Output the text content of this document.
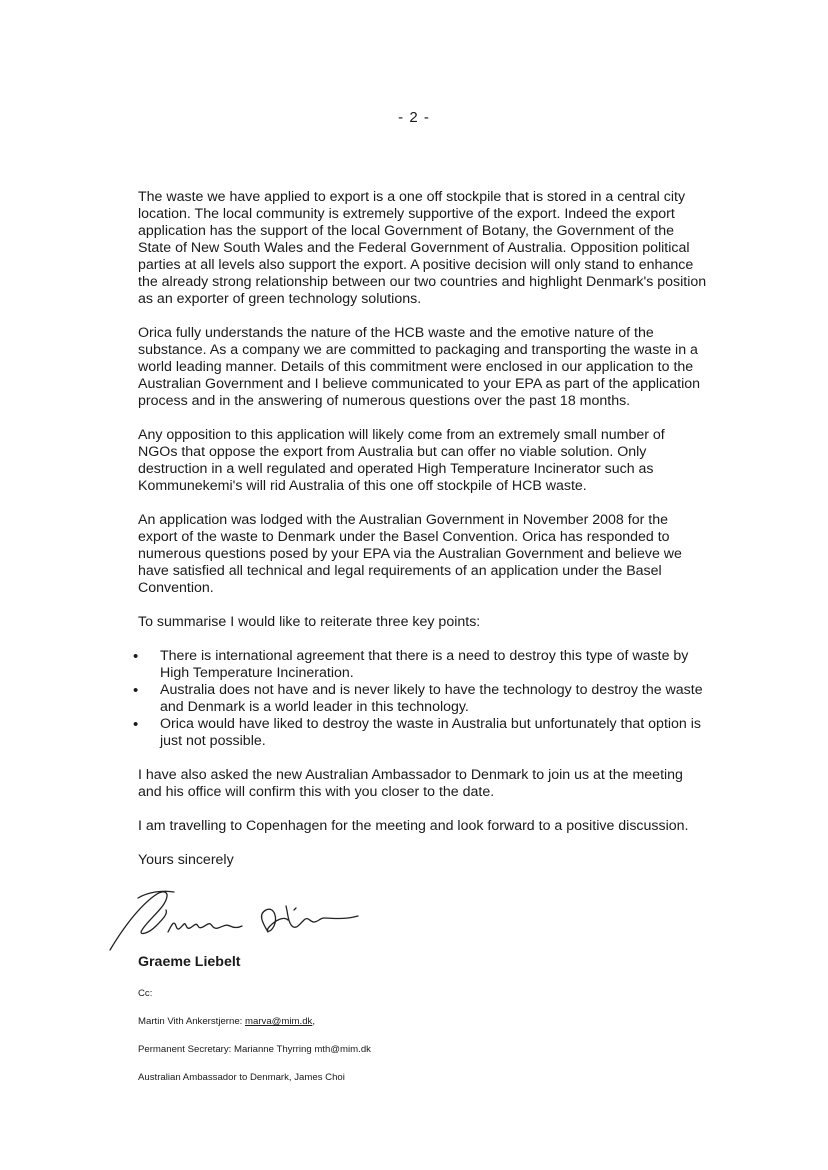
- 2 -

The waste we have applied to export is a one off stockpile that is stored in a central city location. The local community is extremely supportive of the export. Indeed the export application has the support of the local Government of Botany, the Government of the State of New South Wales and the Federal Government of Australia. Opposition political parties at all levels also support the export. A positive decision will only stand to enhance the already strong relationship between our two countries and highlight Denmark's position as an exporter of green technology solutions.

Orica fully understands the nature of the HCB waste and the emotive nature of the substance. As a company we are committed to packaging and transporting the waste in a world leading manner. Details of this commitment were enclosed in our application to the Australian Government and I believe communicated to your EPA as part of the application process and in the answering of numerous questions over the past 18 months.

Any opposition to this application will likely come from an extremely small number of NGOs that oppose the export from Australia but can offer no viable solution. Only destruction in a well regulated and operated High Temperature Incinerator such as Kommunekemi's will rid Australia of this one off stockpile of HCB waste.

An application was lodged with the Australian Government in November 2008 for the export of the waste to Denmark under the Basel Convention. Orica has responded to numerous questions posed by your EPA via the Australian Government and believe we have satisfied all technical and legal requirements of an application under the Basel Convention.

To summarise I would like to reiterate three key points:

• There is international agreement that there is a need to destroy this type of waste by High Temperature Incineration.
• Australia does not have and is never likely to have the technology to destroy the waste and Denmark is a world leader in this technology.
• Orica would have liked to destroy the waste in Australia but unfortunately that option is just not possible.

I have also asked the new Australian Ambassador to Denmark to join us at the meeting and his office will confirm this with you closer to the date.

I am travelling to Copenhagen for the meeting and look forward to a positive discussion.

Yours sincerely

Graeme Liebelt

Cc:

Martin Vith Ankerstjerne: marva@mim.dk,

Permanent Secretary: Marianne Thyrring mth@mim.dk

Australian Ambassador to Denmark, James Choi
